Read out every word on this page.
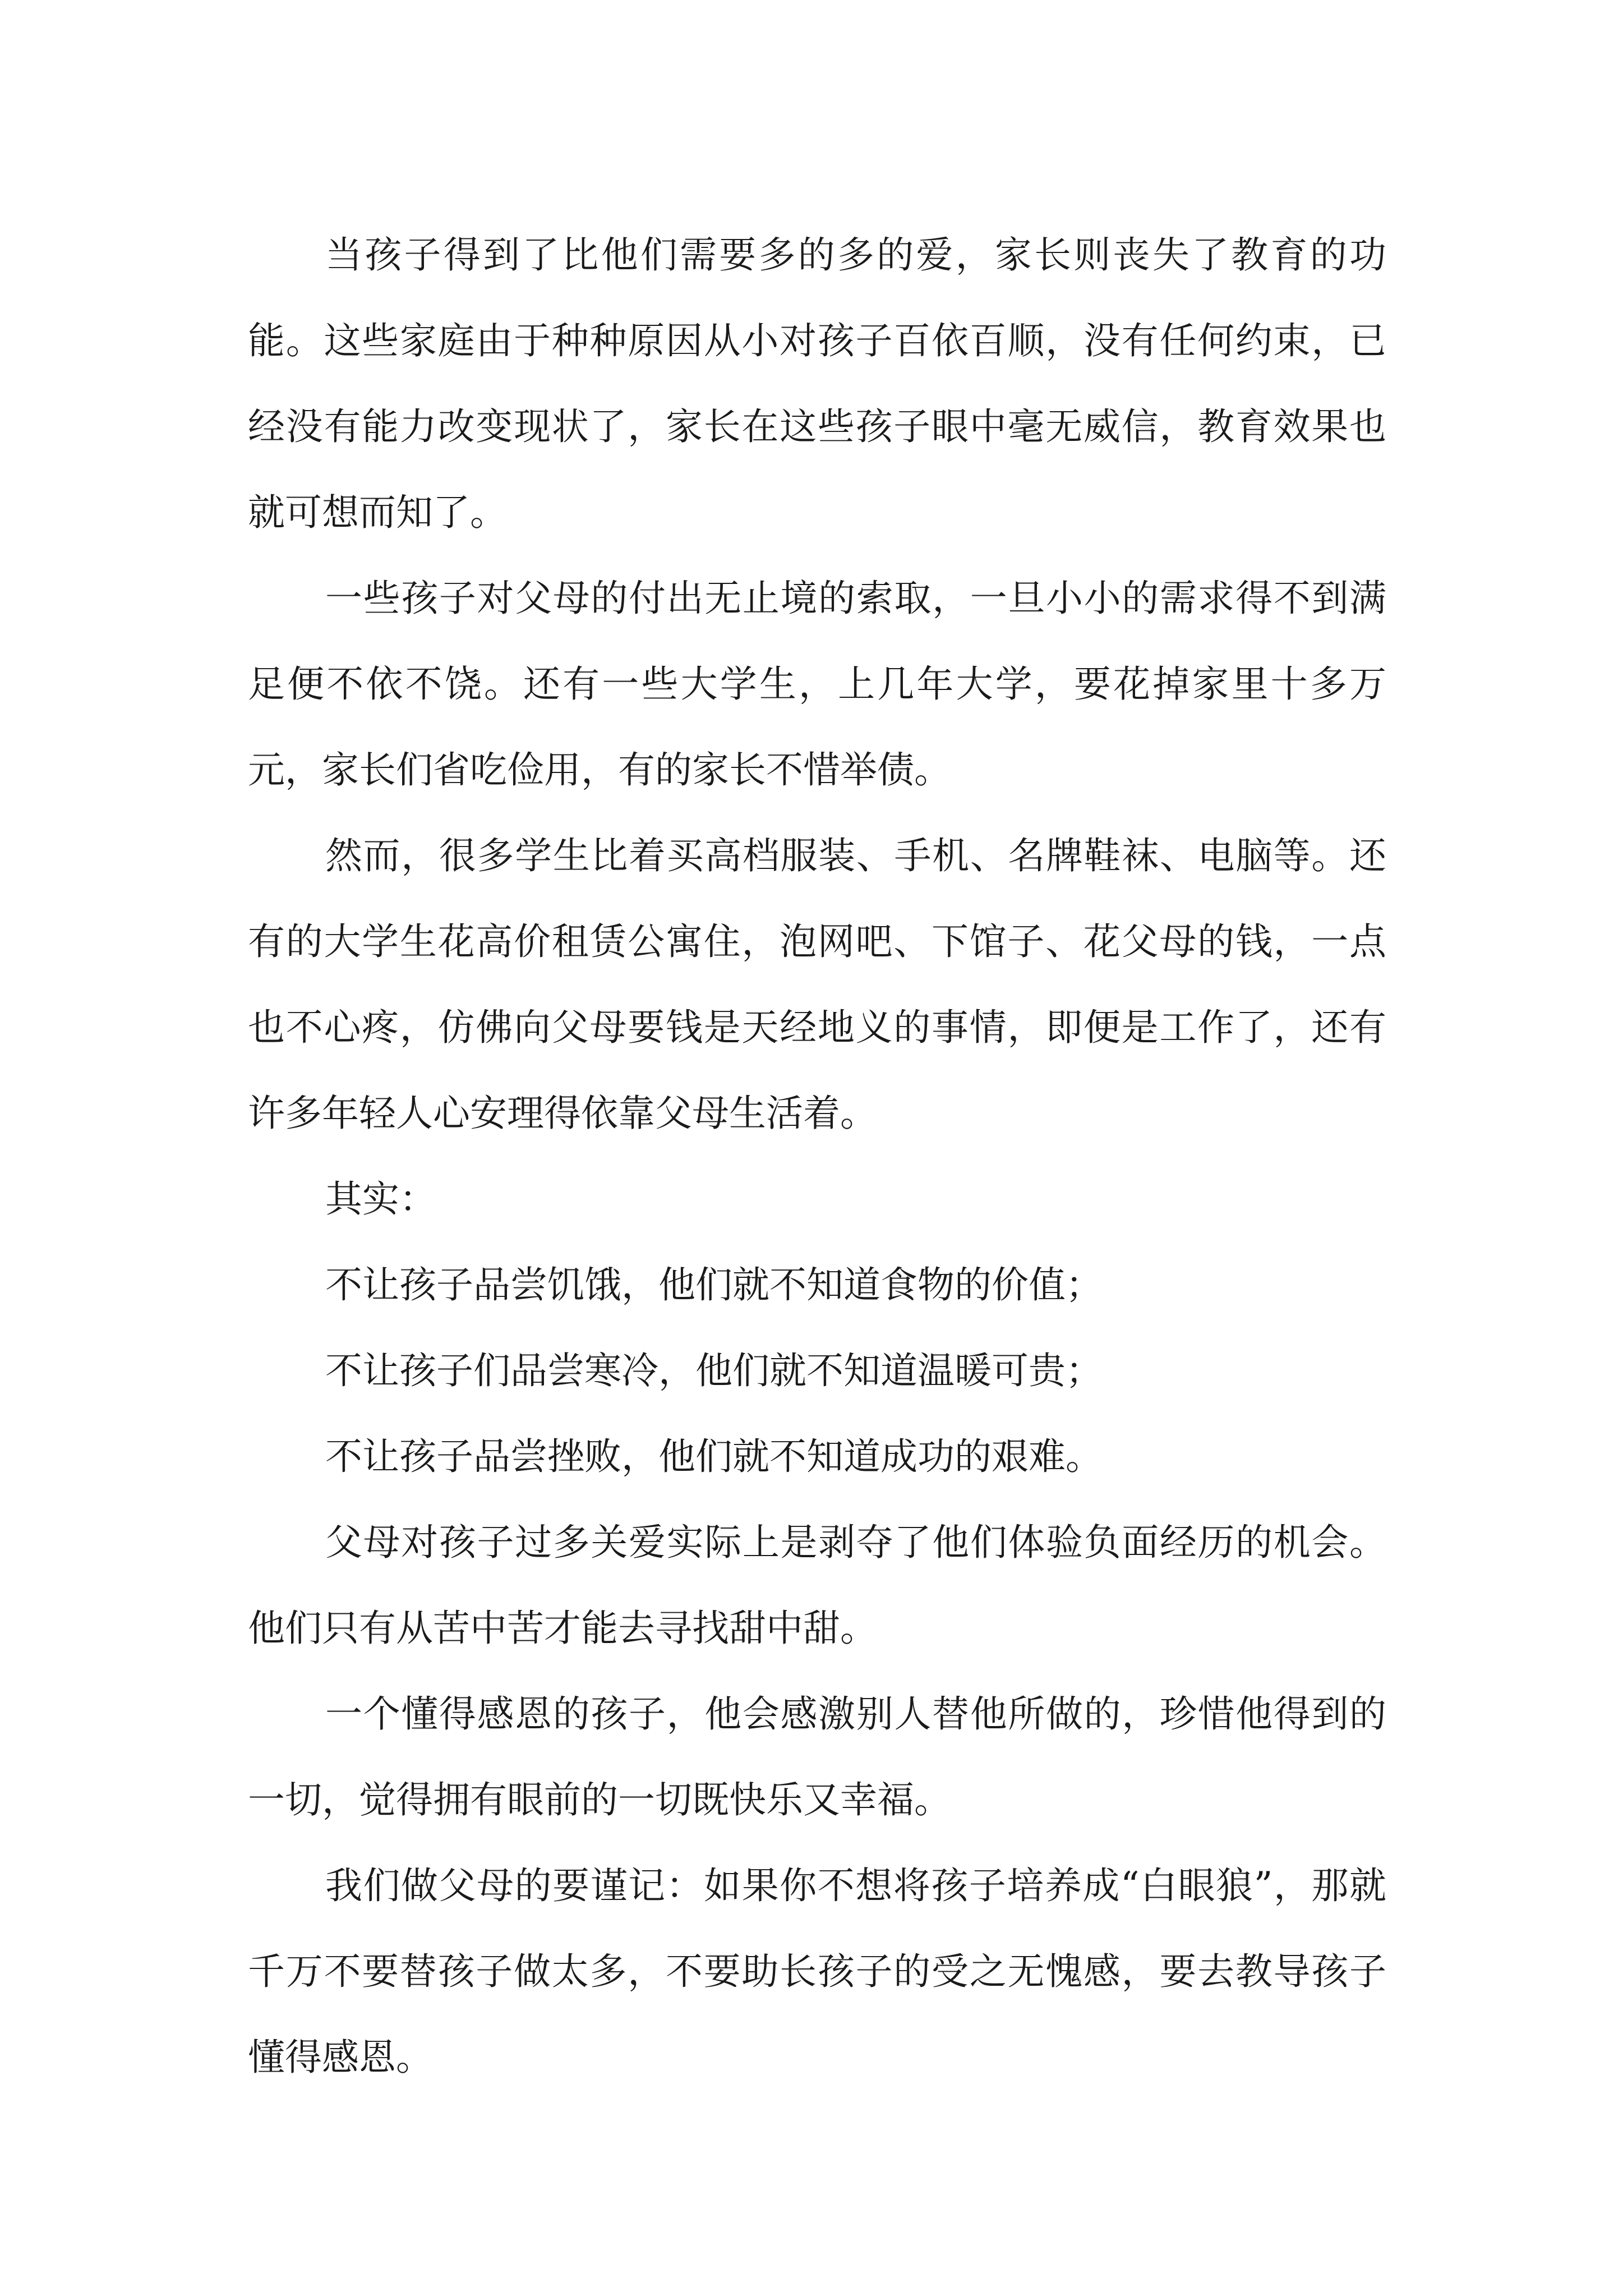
当孩子得到了比他们需要多的多的爱，家长则丧失了教育的功能。这些家庭由于种种原因从小对孩子百依百顺，没有任何约束，已经没有能力改变现状了，家长在这些孩子眼中毫无威信，教育效果也就可想而知了。

一些孩子对父母的付出无止境的索取，一旦小小的需求得不到满足便不依不饶。还有一些大学生，上几年大学，要花掉家里十多万元，家长们省吃俭用，有的家长不惜举债。

然而，很多学生比着买高档服装、手机、名牌鞋袜、电脑等。还有的大学生花高价租赁公寓住，泡网吧、下馆子、花父母的钱，一点也不心疼，仿佛向父母要钱是天经地义的事情，即便是工作了，还有许多年轻人心安理得依靠父母生活着。

其实：

不让孩子品尝饥饿，他们就不知道食物的价值；

不让孩子们品尝寒冷，他们就不知道温暖可贵；

不让孩子品尝挫败，他们就不知道成功的艰难。

父母对孩子过多关爱实际上是剥夺了他们体验负面经历的机会。他们只有从苦中苦才能去寻找甜中甜。

一个懂得感恩的孩子，他会感激别人替他所做的，珍惜他得到的一切，觉得拥有眼前的一切既快乐又幸福。

我们做父母的要谨记：如果你不想将孩子培养成“白眼狼”，那就千万不要替孩子做太多，不要助长孩子的受之无愧感，要去教导孩子懂得感恩。
